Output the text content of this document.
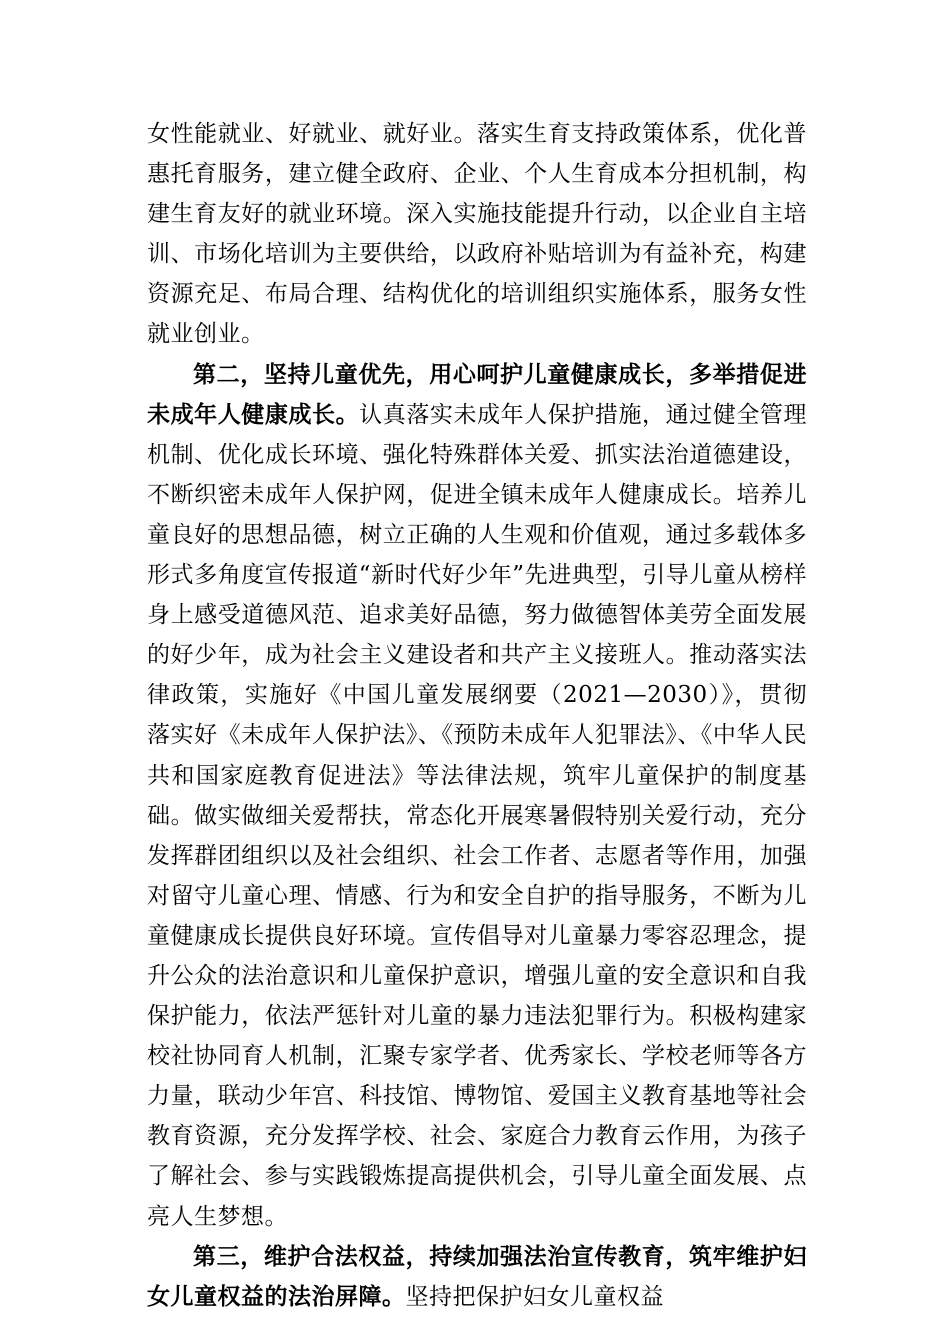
女性能就业、好就业、就好业。落实生育支持政策体系，优化普惠托育服务，建立健全政府、企业、个人生育成本分担机制，构建生育友好的就业环境。深入实施技能提升行动，以企业自主培训、市场化培训为主要供给，以政府补贴培训为有益补充，构建资源充足、布局合理、结构优化的培训组织实施体系，服务女性就业创业。

第二，坚持儿童优先，用心呵护儿童健康成长，多举措促进未成年人健康成长。认真落实未成年人保护措施，通过健全管理机制、优化成长环境、强化特殊群体关爱、抓实法治道德建设，不断织密未成年人保护网，促进全镇未成年人健康成长。培养儿童良好的思想品德，树立正确的人生观和价值观，通过多载体多形式多角度宣传报道“新时代好少年”先进典型，引导儿童从榜样身上感受道德风范、追求美好品德，努力做德智体美劳全面发展的好少年，成为社会主义建设者和共产主义接班人。推动落实法律政策，实施好《中国儿童发展纲要（2021—2030）》，贯彻落实好《未成年人保护法》、《预防未成年人犯罪法》、《中华人民共和国家庭教育促进法》等法律法规，筑牢儿童保护的制度基础。做实做细关爱帮扶，常态化开展寒暑假特别关爱行动，充分发挥群团组织以及社会组织、社会工作者、志愿者等作用，加强对留守儿童心理、情感、行为和安全自护的指导服务，不断为儿童健康成长提供良好环境。宣传倡导对儿童暴力零容忍理念，提升公众的法治意识和儿童保护意识，增强儿童的安全意识和自我保护能力，依法严惩针对儿童的暴力违法犯罪行为。积极构建家校社协同育人机制，汇聚专家学者、优秀家长、学校老师等各方力量，联动少年宫、科技馆、博物馆、爱国主义教育基地等社会教育资源，充分发挥学校、社会、家庭合力教育云作用，为孩子了解社会、参与实践锻炼提高提供机会，引导儿童全面发展、点亮人生梦想。

第三，维护合法权益，持续加强法治宣传教育，筑牢维护妇女儿童权益的法治屏障。坚持把保护妇女儿童权益
